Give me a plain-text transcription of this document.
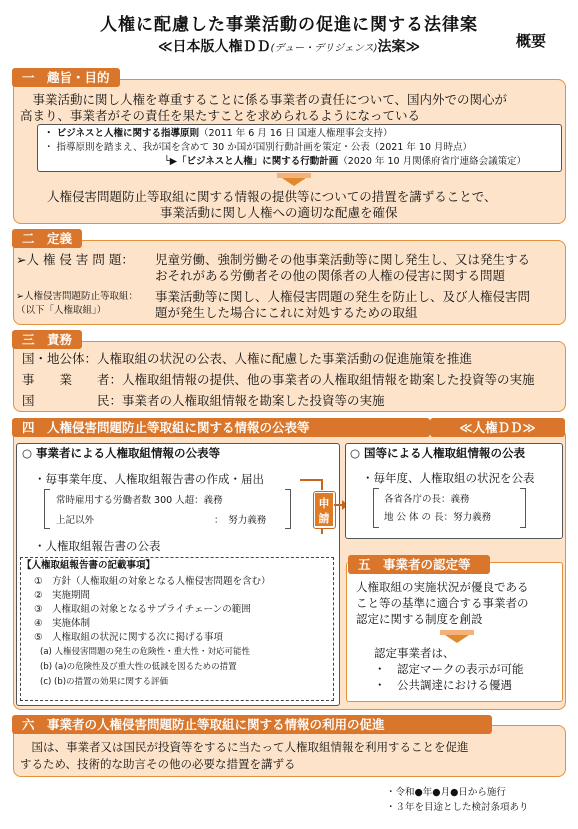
人権に配慮した事業活動の促進に関する法律案
≪日本版人権ＤＤ(デュー・デリジェンス)法案≫	概要
一　趣旨・目的
　事業活動に関し人権を尊重することに係る事業者の責任について、国内外での関心が
高まり、事業者がその責任を果たすことを求められるようになっている
・ ビジネスと人権に関する指導原則（2011 年 6 月 16 日 国連人権理事会支持）
・ 指導原則を踏まえ、我が国を含めて 30 か国が国別行動計画を策定・公表（2021 年 10 月時点）
└▶「ビジネスと人権」に関する行動計画（2020 年 10 月関係府省庁連絡会議策定）
人権侵害問題防止等取組に関する情報の提供等についての措置を講ずることで、
事業活動に関し人権への適切な配慮を確保
二　定義
➢人 権 侵 害 問 題： 児童労働、強制労働その他事業活動等に関し発生し、又は発生する
おそれがある労働者その他の関係者の人権の侵害に関する問題
➢人権侵害問題防止等取組：
（以下「人権取組」）
事業活動等に関し、人権侵害問題の発生を防止し、及び人権侵害問
題が発生した場合にこれに対処するための取組
三　責務
国・地公体：人権取組の状況の公表、人権に配慮した事業活動の促進施策を推進
事　　業　　者：人権取組情報の提供、他の事業者の人権取組情報を勘案した投資等の実施
国　　　　　民：事業者の人権取組情報を勘案した投資等の実施
四　人権侵害問題防止等取組に関する情報の公表等	≪人権ＤＤ≫
○ 事業者による人権取組情報の公表等
・毎事業年度、人権取組報告書の作成・届出
常時雇用する労働者数 300 人超：義務
上記以外	：　努力義務
・人権取組報告書の公表
【人権取組報告書の記載事項】
①　方針（人権取組の対象となる人権侵害問題を含む）
②　実施期間
③　人権取組の対象となるサプライチェーンの範囲
④　実施体制
⑤　人権取組の状況に関する次に掲げる事項
(a) 人権侵害問題の発生の危険性・重大性・対応可能性
(b) (a)の危険性及び重大性の低減を図るための措置
(c) (b)の措置の効果に関する評価
申
請
○ 国等による人権取組情報の公表
・毎年度、人権取組の状況を公表
各省各庁の長：義務
地 公 体 の 長：努力義務
五　事業者の認定等
人権取組の実施状況が優良である
こと等の基準に適合する事業者の
認定に関する制度を創設
認定事業者は、
・　認定マークの表示が可能
・　公共調達における優遇
六　事業者の人権侵害問題防止等取組に関する情報の利用の促進
　国は、事業者又は国民が投資等をするに当たって人権取組情報を利用することを促進
するため、技術的な助言その他の必要な措置を講ずる
・令和●年●月●日から施行
・３年を目途とした検討条項あり
